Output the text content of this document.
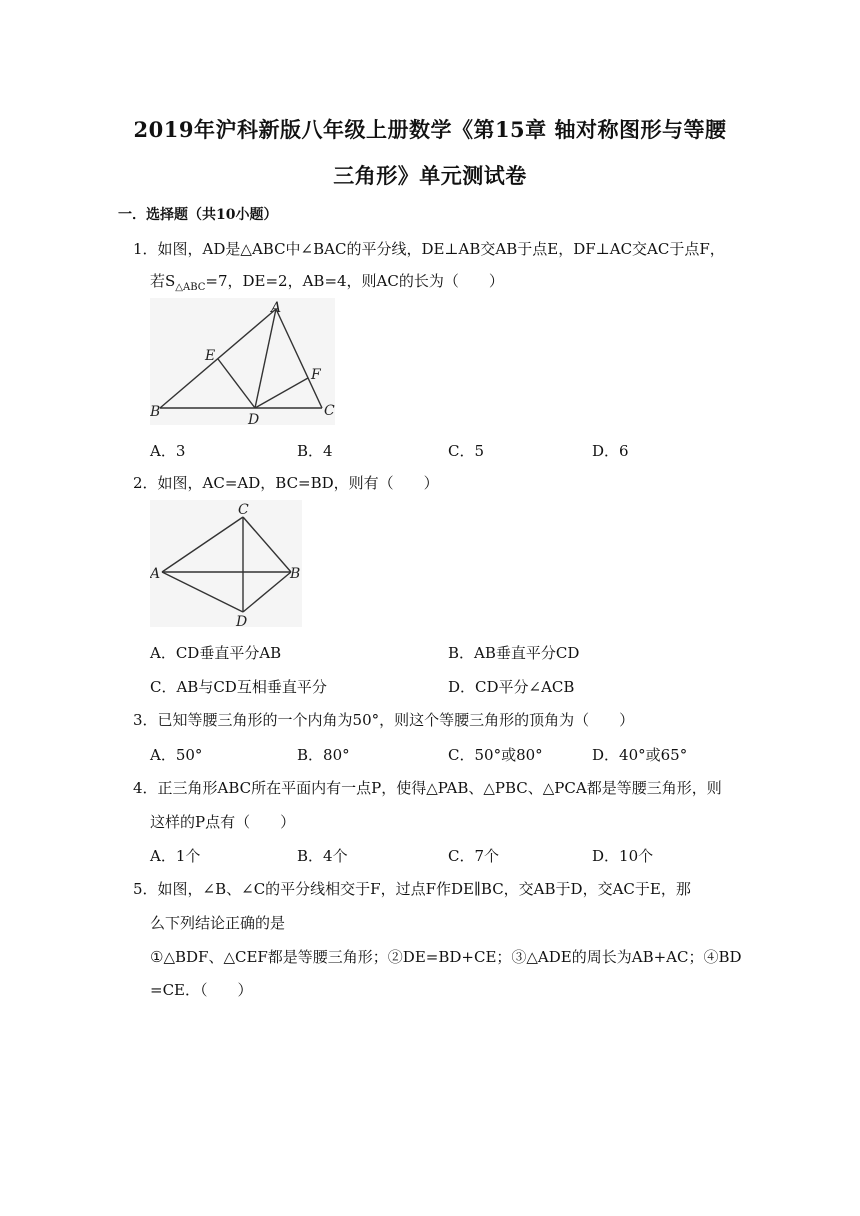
2019年沪科新版八年级上册数学《第15章 轴对称图形与等腰
三角形》单元测试卷
一．选择题（共10小题）
1．如图，AD是△ABC中∠BAC的平分线，DE⊥AB交AB于点E，DF⊥AC交AC于点F，
若$S_{\triangle ABC}=7$，DE=2，AB=4，则AC的长为（　　）
A
E
F
B	D
C
A．3	B．4	C．5	D．6
2．如图，AC=AD，BC=BD，则有（　　）
C
A	B
D
A．CD垂直平分AB	B．AB垂直平分CD
C．AB与CD互相垂直平分	D．CD平分∠ACB
3．已知等腰三角形的一个内角为50°，则这个等腰三角形的顶角为（　　）
A．50°	B．80°	C．50°或80°	D．40°或65°
4．正三角形ABC所在平面内有一点P，使得△PAB、△PBC、△PCA都是等腰三角形，则
这样的P点有（　　）
A．1个	B．4个	C．7个	D．10个
5．如图，∠B、∠C的平分线相交于F，过点F作DE∥BC，交AB于D，交AC于E，那
么下列结论正确的是
①△BDF、△CEF都是等腰三角形；②DE=BD+CE；③△ADE的周长为AB+AC；④BD
=CE．（　　）
